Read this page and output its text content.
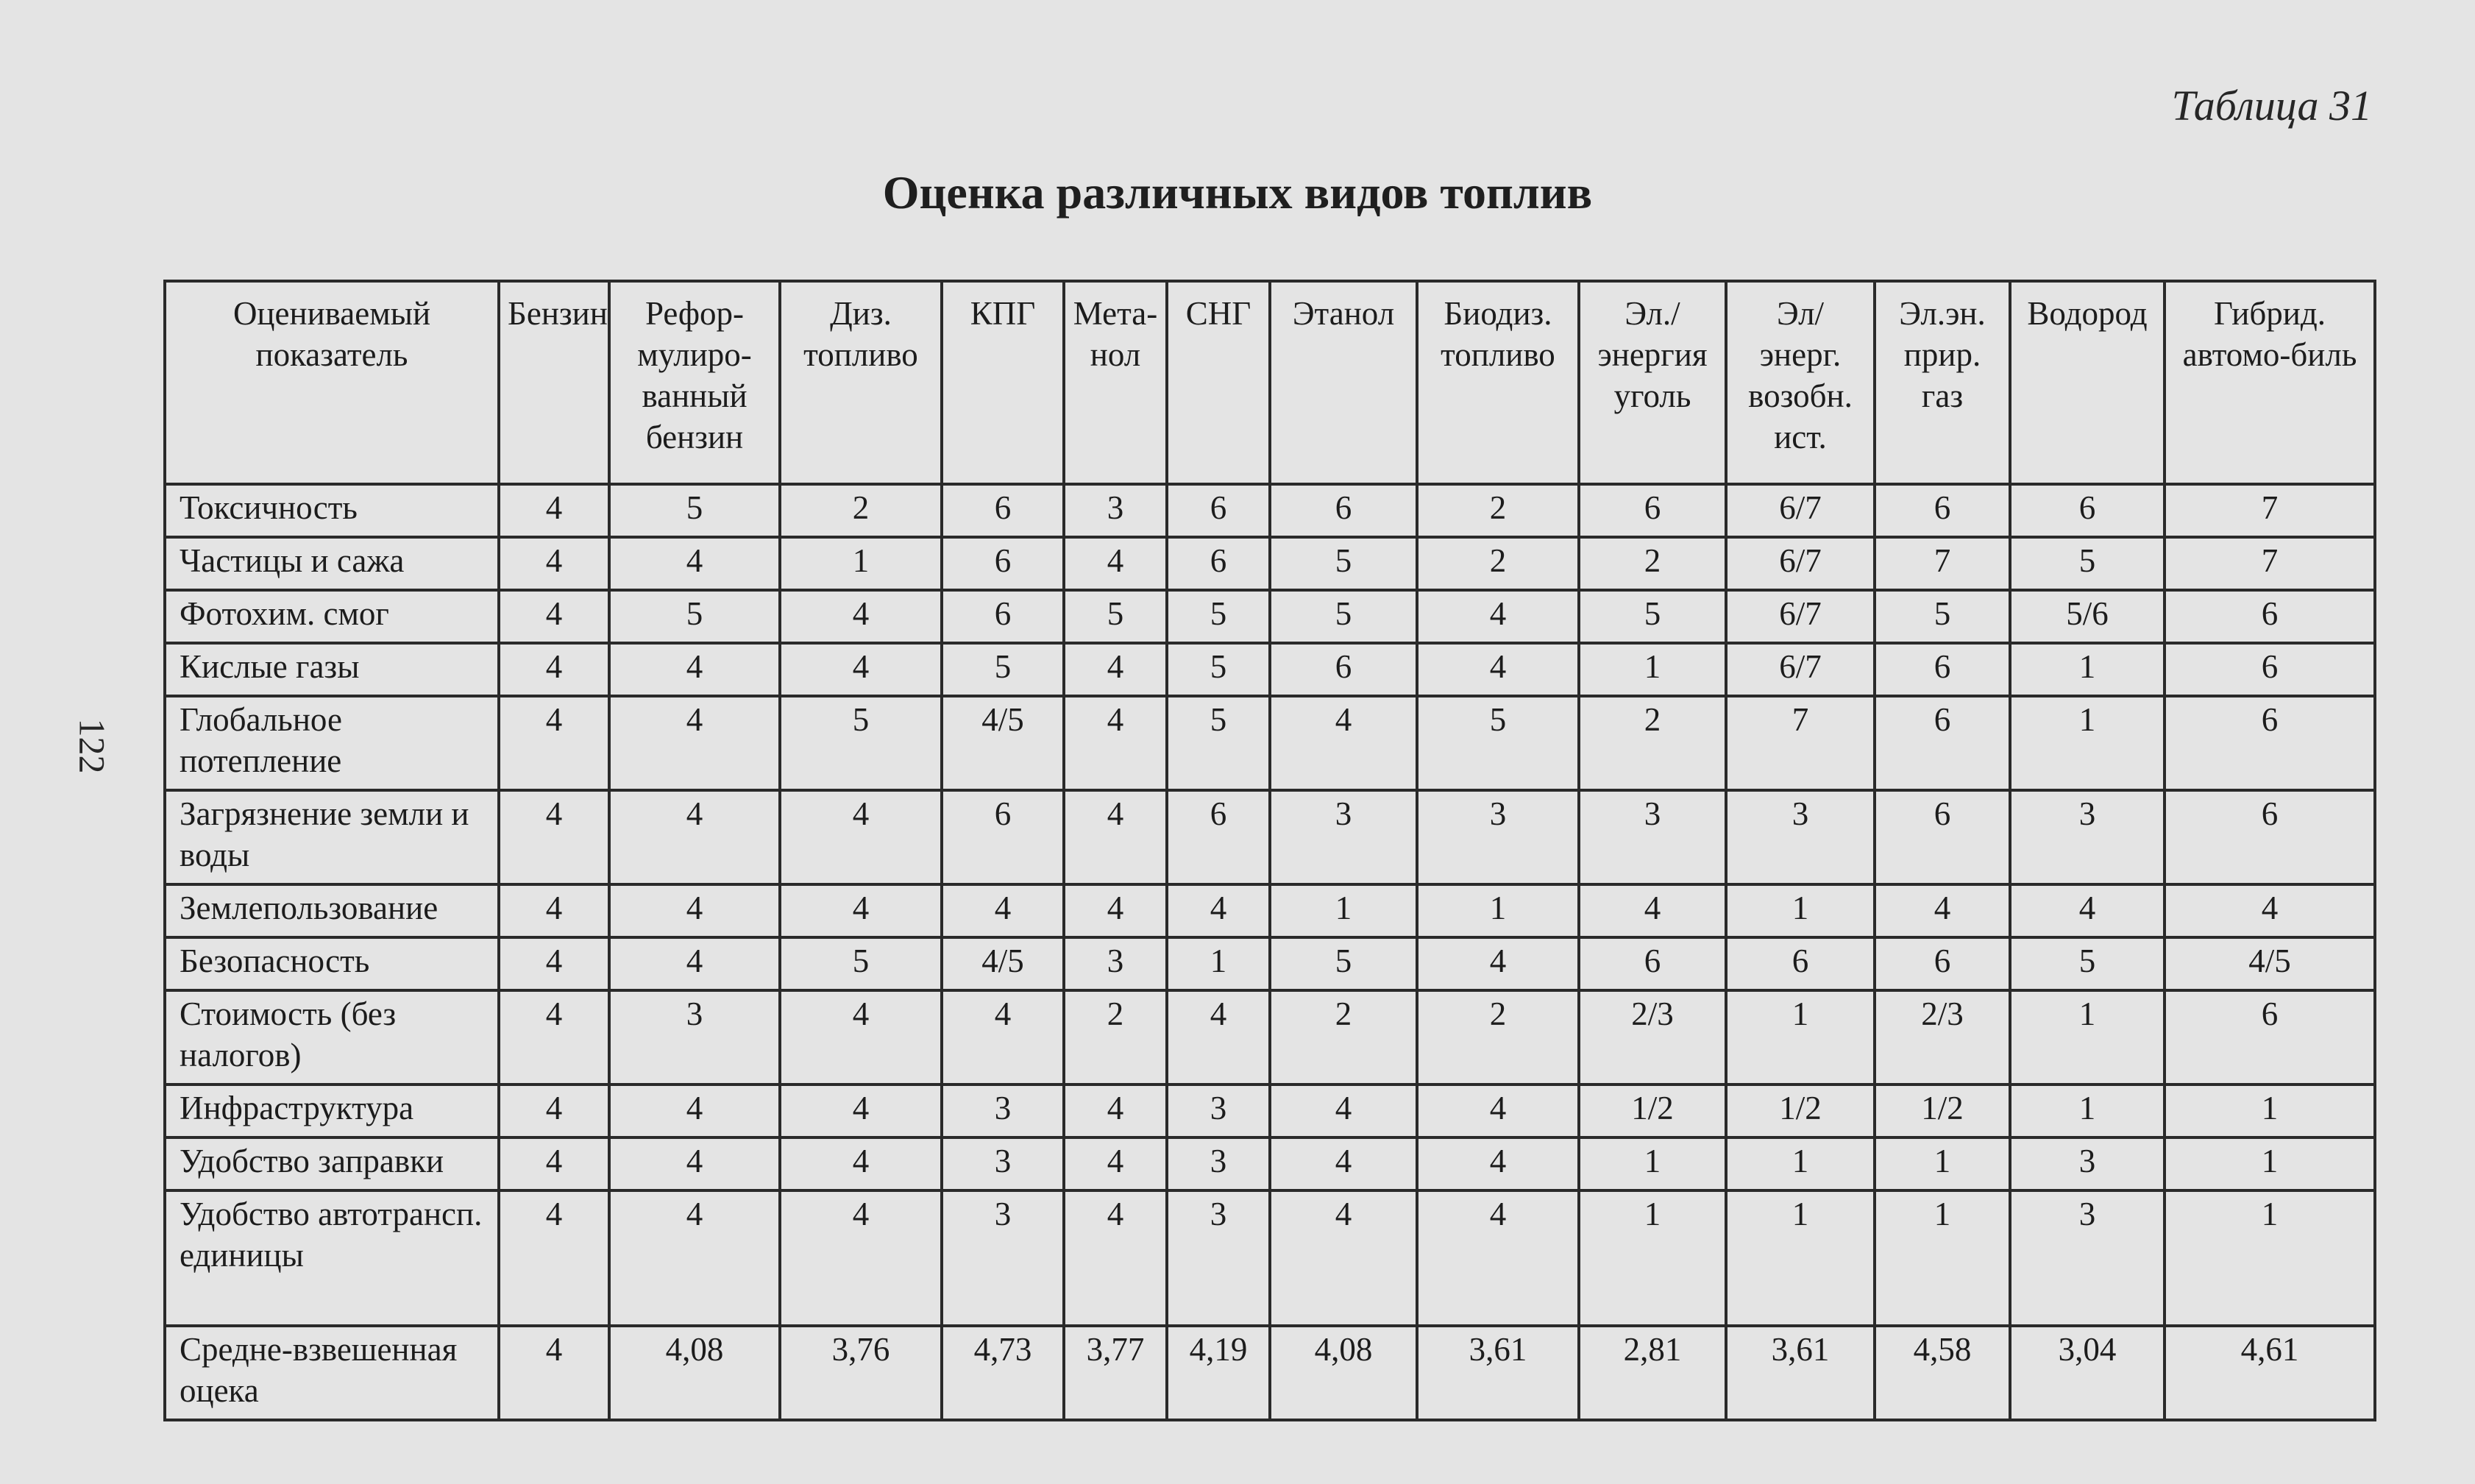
122
Таблица 31
Оценка различных видов топлив
Оцениваемый показатель	Бензин	Рефор-мулиро-ванный бензин	Диз. топливо	КПГ	Мета-нол	СНГ	Этанол	Биодиз. топливо	Эл./ энергия уголь	Эл/ энерг. возобн. ист.	Эл.эн. прир. газ	Водород	Гибрид. автомо-биль
Токсичность	4	5	2	6	3	6	6	2	6	6/7	6	6	7
Частицы и сажа	4	4	1	6	4	6	5	2	2	6/7	7	5	7
Фотохим. смог	4	5	4	6	5	5	5	4	5	6/7	5	5/6	6
Кислые газы	4	4	4	5	4	5	6	4	1	6/7	6	1	6
Глобальное потепление	4	4	5	4/5	4	5	4	5	2	7	6	1	6
Загрязнение земли и воды	4	4	4	6	4	6	3	3	3	3	6	3	6
Землепользование	4	4	4	4	4	4	1	1	4	1	4	4	4
Безопасность	4	4	5	4/5	3	1	5	4	6	6	6	5	4/5
Стоимость (без налогов)	4	3	4	4	2	4	2	2	2/3	1	2/3	1	6
Инфраструктура	4	4	4	3	4	3	4	4	1/2	1/2	1/2	1	1
Удобство заправки	4	4	4	3	4	3	4	4	1	1	1	3	1
Удобство автотрансп. единицы	4	4	4	3	4	3	4	4	1	1	1	3	1
Средне-взвешенная оцека	4	4,08	3,76	4,73	3,77	4,19	4,08	3,61	2,81	3,61	4,58	3,04	4,61
